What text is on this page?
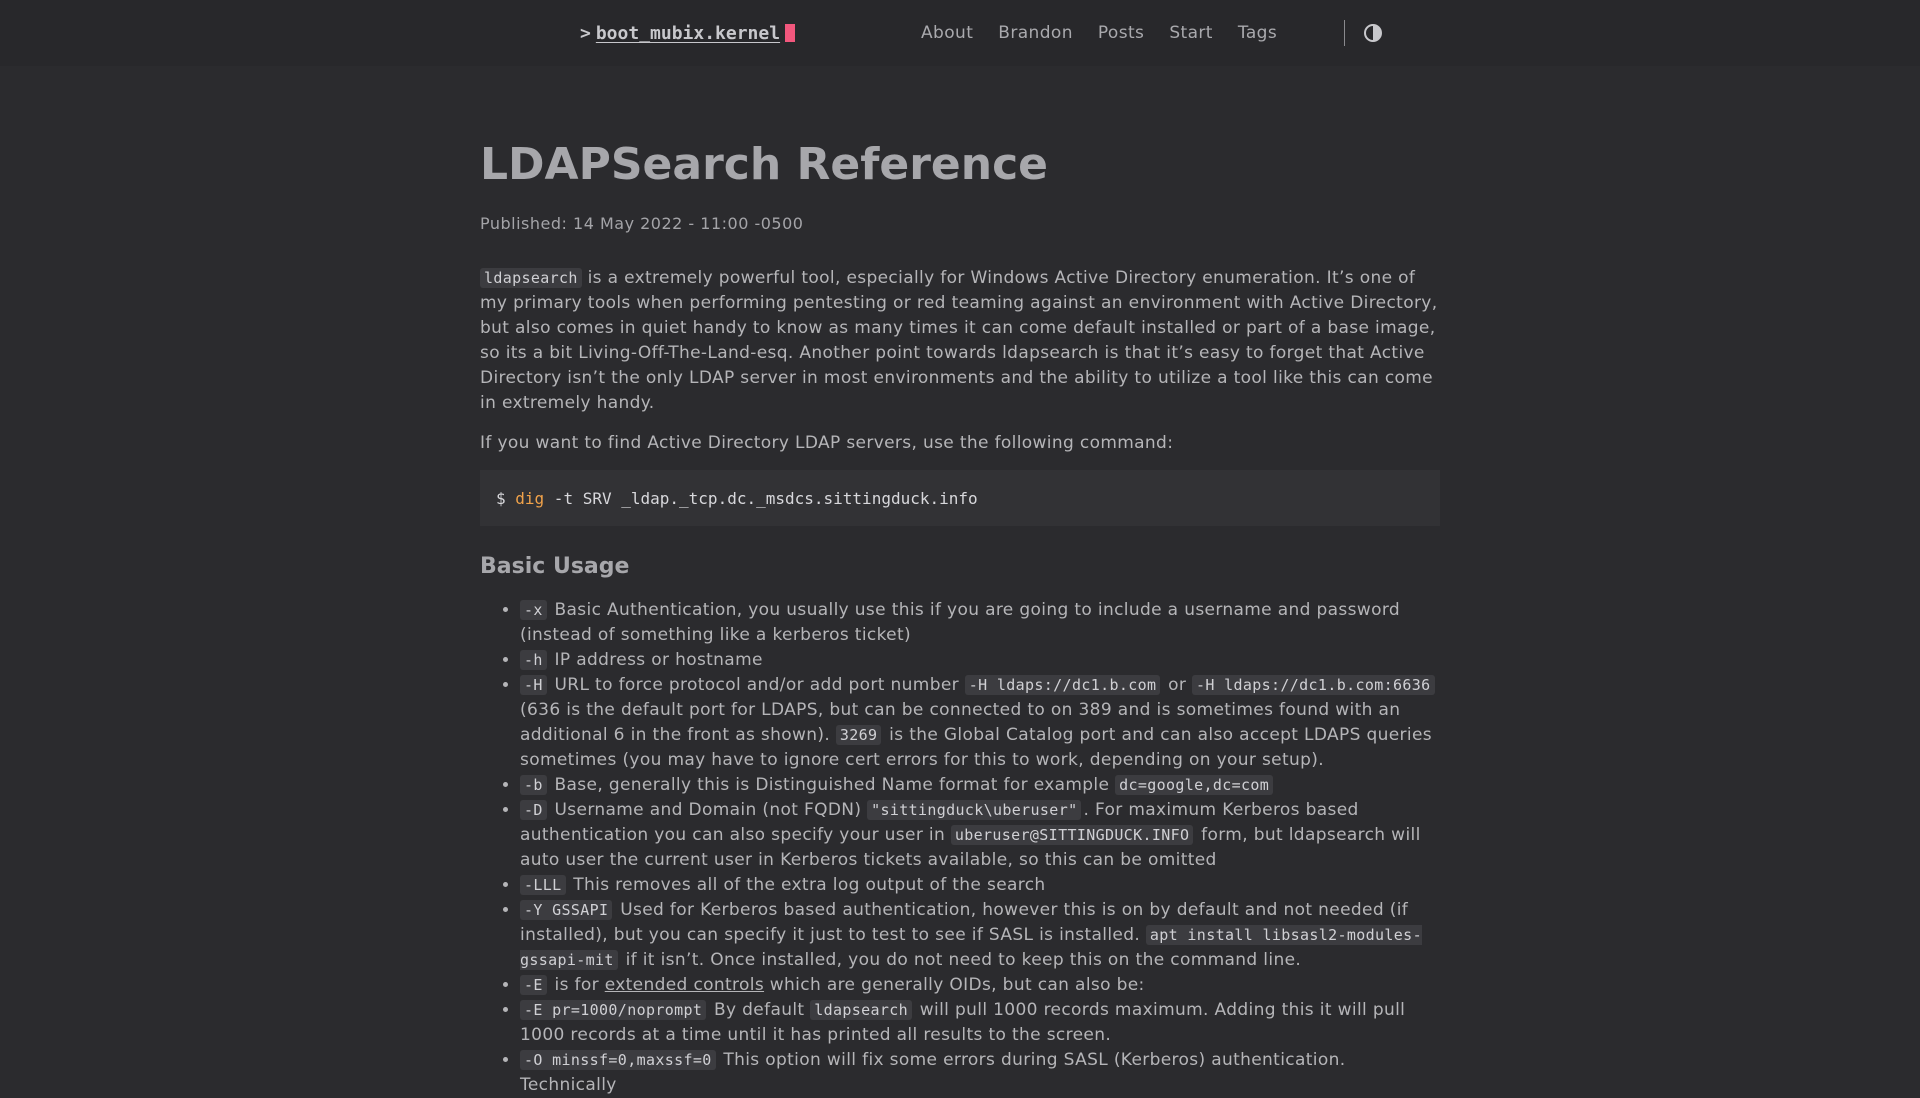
> boot_mubix.kernel	About Brandon Posts Start Tags
LDAPSearch Reference
Published: 14 May 2022 - 11:00 -0500

ldapsearch is a extremely powerful tool, especially for Windows Active Directory enumeration. It’s one of my primary tools when performing pentesting or red teaming against an environment with Active Directory, but also comes in quiet handy to know as many times it can come default installed or part of a base image, so its a bit Living-Off-The-Land-esq. Another point towards ldapsearch is that it’s easy to forget that Active Directory isn’t the only LDAP server in most environments and the ability to utilize a tool like this can come in extremely handy.

If you want to find Active Directory LDAP servers, use the following command:

$ dig -t SRV _ldap._tcp.dc._msdcs.sittingduck.info
Basic Usage
• -x Basic Authentication, you usually use this if you are going to include a username and password (instead of something like a kerberos ticket)
• -h IP address or hostname
• -H URL to force protocol and/or add port number -H ldaps://dc1.b.com or -H ldaps://dc1.b.com:6636 (636 is the default port for LDAPS, but can be connected to on 389 and is sometimes found with an additional 6 in the front as shown). 3269 is the Global Catalog port and can also accept LDAPS queries sometimes (you may have to ignore cert errors for this to work, depending on your setup).
• -b Base, generally this is Distinguished Name format for example dc=google,dc=com
• -D Username and Domain (not FQDN) "sittingduck\uberuser" . For maximum Kerberos based authentication you can also specify your user in uberuser@SITTINGDUCK.INFO form, but ldapsearch will auto user the current user in Kerberos tickets available, so this can be omitted
• -LLL This removes all of the extra log output of the search
• -Y GSSAPI Used for Kerberos based authentication, however this is on by default and not needed (if installed), but you can specify it just to test to see if SASL is installed. apt install libsasl2-modules-gssapi-mit if it isn’t. Once installed, you do not need to keep this on the command line.
• -E is for extended controls which are generally OIDs, but can also be:
• -E pr=1000/noprompt By default ldapsearch will pull 1000 records maximum. Adding this it will pull 1000 records at a time until it has printed all results to the screen.
• -O minssf=0,maxssf=0 This option will fix some errors during SASL (Kerberos) authentication. Technically
